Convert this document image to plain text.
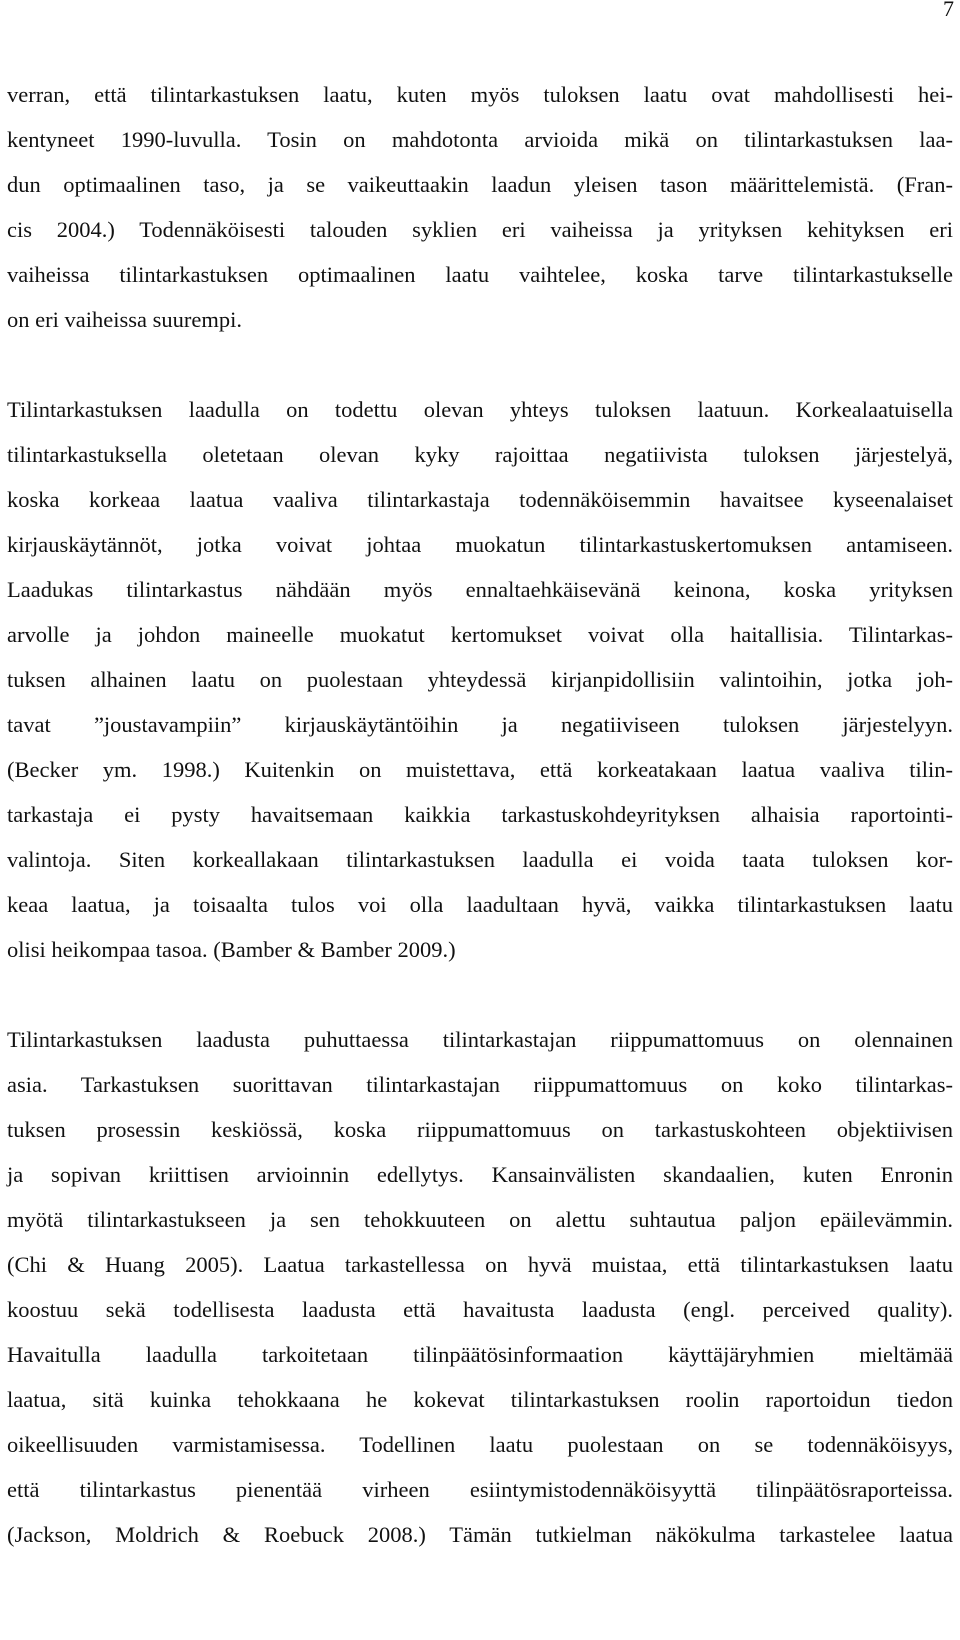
7
verran, että tilintarkastuksen laatu, kuten myös tuloksen laatu ovat mahdollisesti hei-
kentyneet 1990-luvulla. Tosin on mahdotonta arvioida mikä on tilintarkastuksen laa-
dun optimaalinen taso, ja se vaikeuttaakin laadun yleisen tason määrittelemistä. (Fran-
cis 2004.) Todennäköisesti talouden syklien eri vaiheissa ja yrityksen kehityksen eri
vaiheissa tilintarkastuksen optimaalinen laatu vaihtelee, koska tarve tilintarkastukselle
on eri vaiheissa suurempi.
Tilintarkastuksen laadulla on todettu olevan yhteys tuloksen laatuun. Korkealaatuisella
tilintarkastuksella oletetaan olevan kyky rajoittaa negatiivista tuloksen järjestelyä,
koska korkeaa laatua vaaliva tilintarkastaja todennäköisemmin havaitsee kyseenalaiset
kirjauskäytännöt, jotka voivat johtaa muokatun tilintarkastuskertomuksen antamiseen.
Laadukas tilintarkastus nähdään myös ennaltaehkäisevänä keinona, koska yrityksen
arvolle ja johdon maineelle muokatut kertomukset voivat olla haitallisia. Tilintarkas-
tuksen alhainen laatu on puolestaan yhteydessä kirjanpidollisiin valintoihin, jotka joh-
tavat ”joustavampiin” kirjauskäytäntöihin ja negatiiviseen tuloksen järjestelyyn.
(Becker ym. 1998.) Kuitenkin on muistettava, että korkeatakaan laatua vaaliva tilin-
tarkastaja ei pysty havaitsemaan kaikkia tarkastuskohdeyrityksen alhaisia raportointi-
valintoja. Siten korkeallakaan tilintarkastuksen laadulla ei voida taata tuloksen kor-
keaa laatua, ja toisaalta tulos voi olla laadultaan hyvä, vaikka tilintarkastuksen laatu
olisi heikompaa tasoa. (Bamber & Bamber 2009.)
Tilintarkastuksen laadusta puhuttaessa tilintarkastajan riippumattomuus on olennainen
asia. Tarkastuksen suorittavan tilintarkastajan riippumattomuus on koko tilintarkas-
tuksen prosessin keskiössä, koska riippumattomuus on tarkastuskohteen objektiivisen
ja sopivan kriittisen arvioinnin edellytys. Kansainvälisten skandaalien, kuten Enronin
myötä tilintarkastukseen ja sen tehokkuuteen on alettu suhtautua paljon epäilevämmin.
(Chi & Huang 2005). Laatua tarkastellessa on hyvä muistaa, että tilintarkastuksen laatu
koostuu sekä todellisesta laadusta että havaitusta laadusta (engl. perceived quality).
Havaitulla laadulla tarkoitetaan tilinpäätösinformaation käyttäjäryhmien mieltämää
laatua, sitä kuinka tehokkaana he kokevat tilintarkastuksen roolin raportoidun tiedon
oikeellisuuden varmistamisessa. Todellinen laatu puolestaan on se todennäköisyys,
että tilintarkastus pienentää virheen esiintymistodennäköisyyttä tilinpäätösraporteissa.
(Jackson, Moldrich & Roebuck 2008.) Tämän tutkielman näkökulma tarkastelee laatua
